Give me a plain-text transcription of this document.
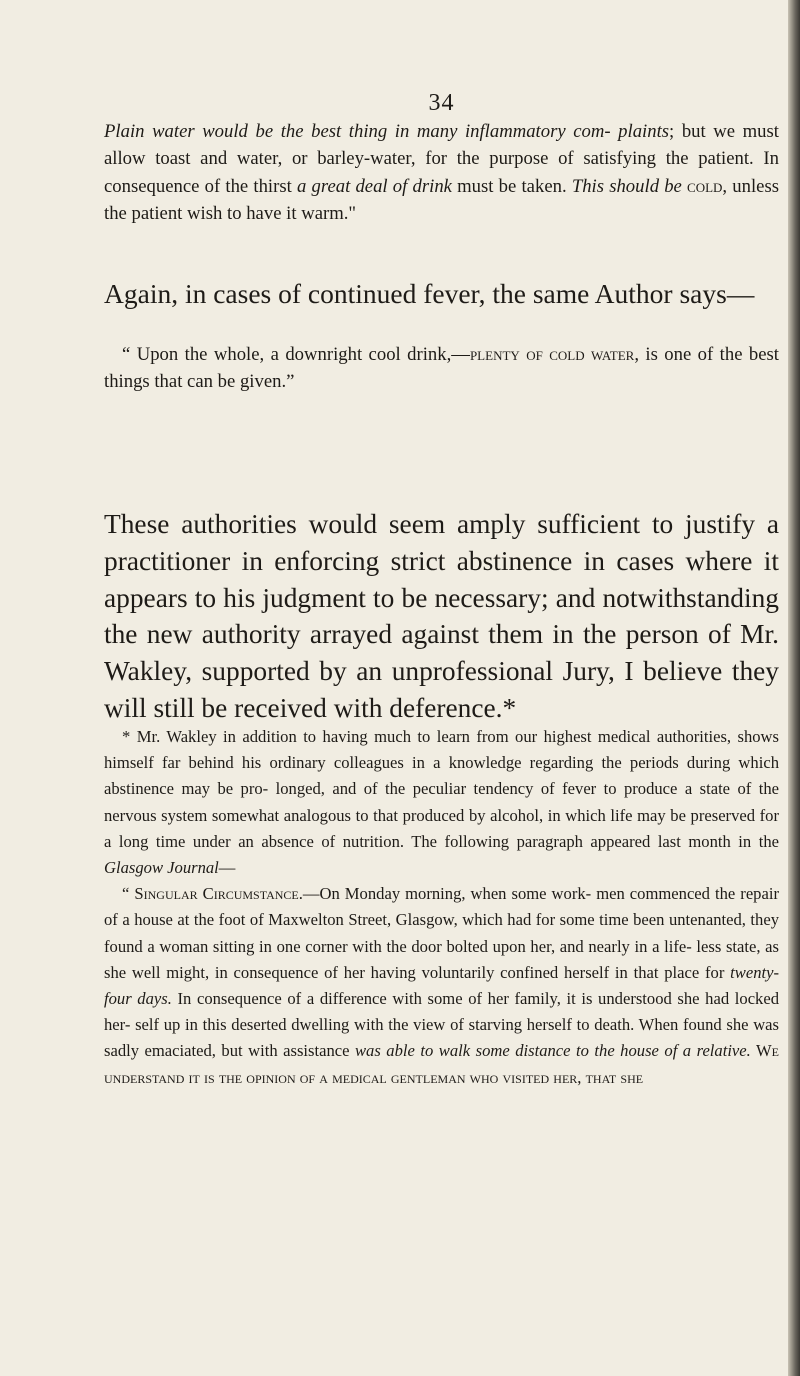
34

Plain water would be the best thing in many inflammatory com- plaints; but we must allow toast and water, or barley-water, for the purpose of satisfying the patient. In consequence of the thirst a great deal of drink must be taken. This should be cold, unless the patient wish to have it warm."

Again, in cases of continued fever, the same Author says—

“ Upon the whole, a downright cool drink,—plenty of cold water, is one of the best things that can be given.”

These authorities would seem amply sufficient to justify a practitioner in enforcing strict abstinence in cases where it appears to his judgment to be necessary; and notwithstanding the new authority arrayed against them in the person of Mr. Wakley, supported by an unprofessional Jury, I believe they will still be received with deference.*

* Mr. Wakley in addition to having much to learn from our highest medical authorities, shows himself far behind his ordinary colleagues in a knowledge regarding the periods during which abstinence may be pro- longed, and of the peculiar tendency of fever to produce a state of the nervous system somewhat analogous to that produced by alcohol, in which life may be preserved for a long time under an absence of nutrition. The following paragraph appeared last month in the Glasgow Journal—

“ Singular Circumstance.—On Monday morning, when some work- men commenced the repair of a house at the foot of Maxwelton Street, Glasgow, which had for some time been untenanted, they found a woman sitting in one corner with the door bolted upon her, and nearly in a life- less state, as she well might, in consequence of her having voluntarily confined herself in that place for twenty-four days. In consequence of a difference with some of her family, it is understood she had locked her- self up in this deserted dwelling with the view of starving herself to death. When found she was sadly emaciated, but with assistance was able to walk some distance to the house of a relative. We understand it is the opinion of a medical gentleman who visited her, that she
